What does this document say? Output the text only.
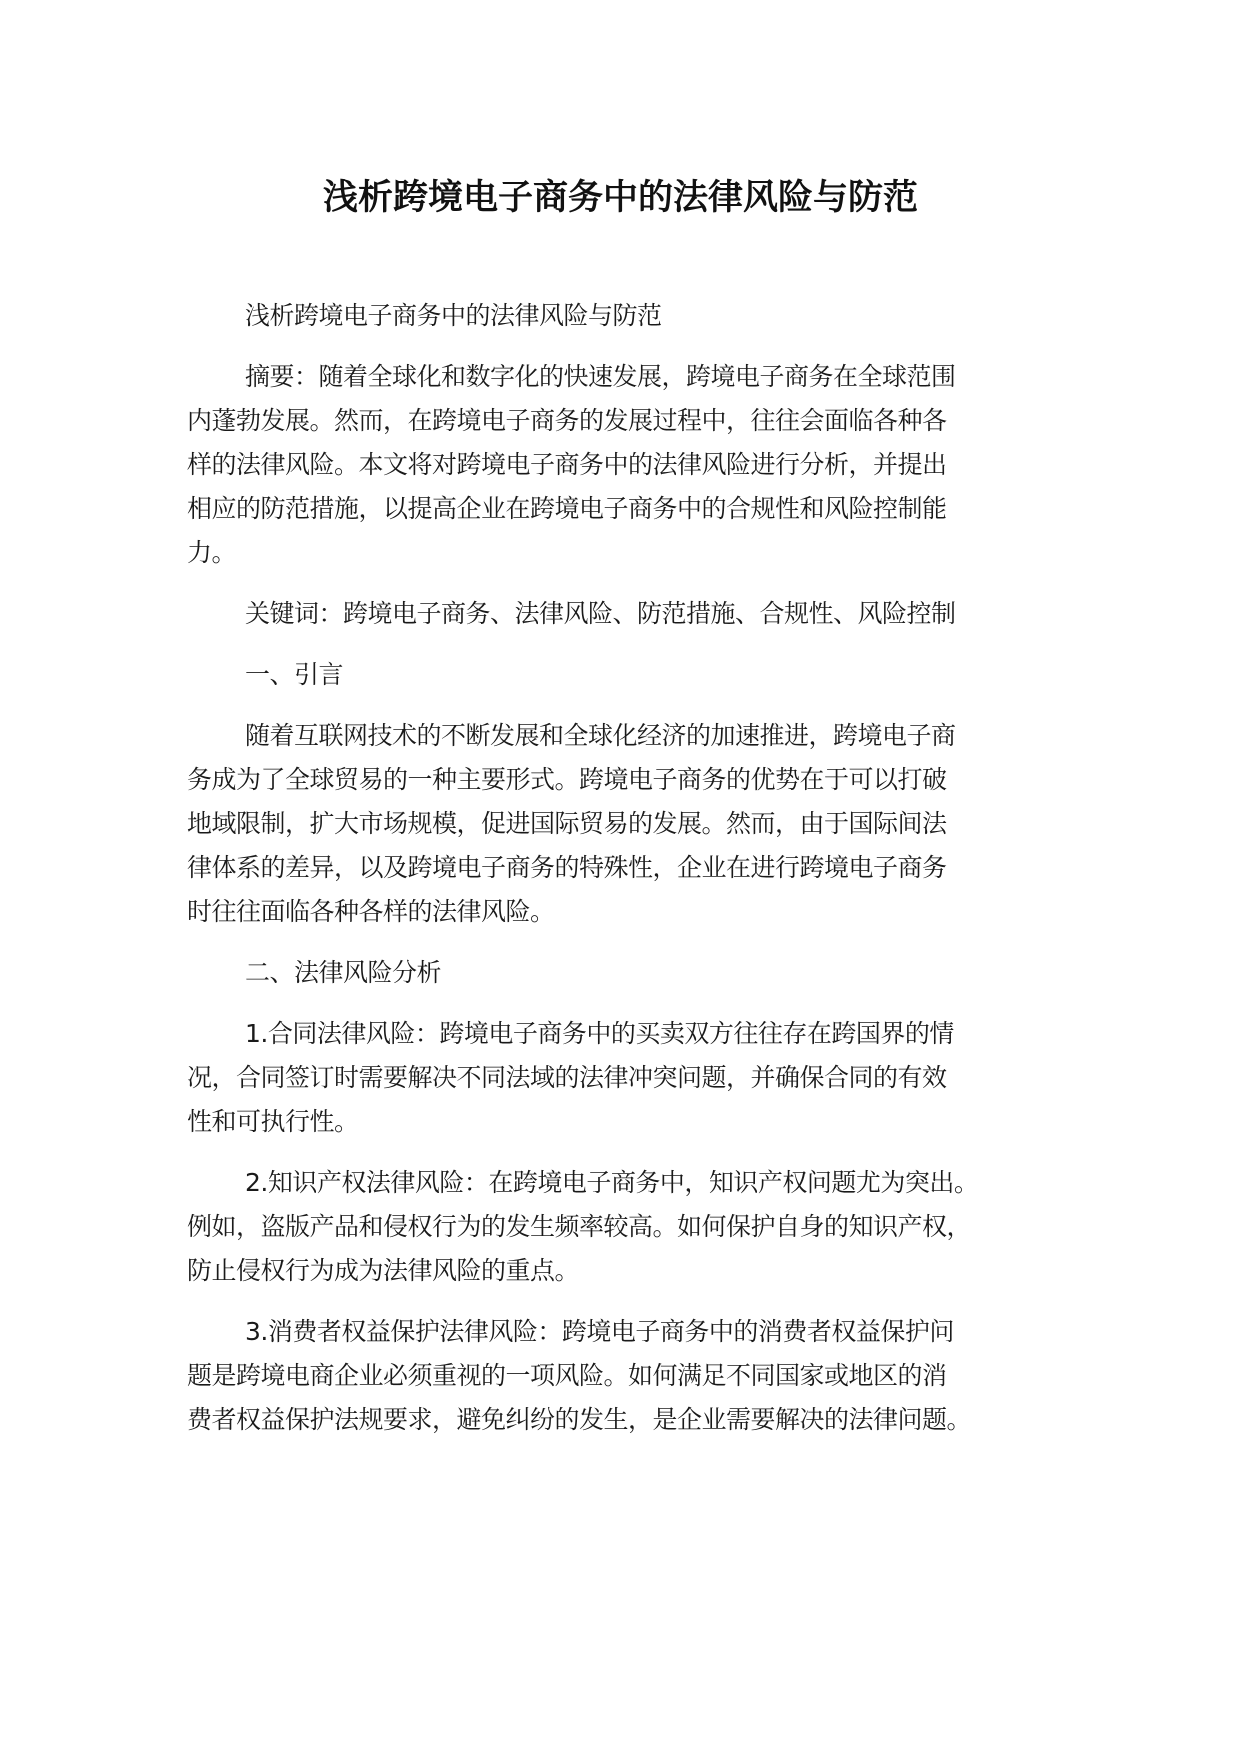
浅析跨境电子商务中的法律风险与防范

浅析跨境电子商务中的法律风险与防范

摘要：随着全球化和数字化的快速发展，跨境电子商务在全球范围
内蓬勃发展。然而，在跨境电子商务的发展过程中，往往会面临各种各
样的法律风险。本文将对跨境电子商务中的法律风险进行分析，并提出
相应的防范措施，以提高企业在跨境电子商务中的合规性和风险控制能
力。

关键词：跨境电子商务、法律风险、防范措施、合规性、风险控制

一、引言

随着互联网技术的不断发展和全球化经济的加速推进，跨境电子商
务成为了全球贸易的一种主要形式。跨境电子商务的优势在于可以打破
地域限制，扩大市场规模，促进国际贸易的发展。然而，由于国际间法
律体系的差异，以及跨境电子商务的特殊性，企业在进行跨境电子商务
时往往面临各种各样的法律风险。

二、法律风险分析

1.合同法律风险：跨境电子商务中的买卖双方往往存在跨国界的情
况，合同签订时需要解决不同法域的法律冲突问题，并确保合同的有效
性和可执行性。

2.知识产权法律风险：在跨境电子商务中，知识产权问题尤为突出。
例如，盗版产品和侵权行为的发生频率较高。如何保护自身的知识产权，
防止侵权行为成为法律风险的重点。

3.消费者权益保护法律风险：跨境电子商务中的消费者权益保护问
题是跨境电商企业必须重视的一项风险。如何满足不同国家或地区的消
费者权益保护法规要求，避免纠纷的发生，是企业需要解决的法律问题。
